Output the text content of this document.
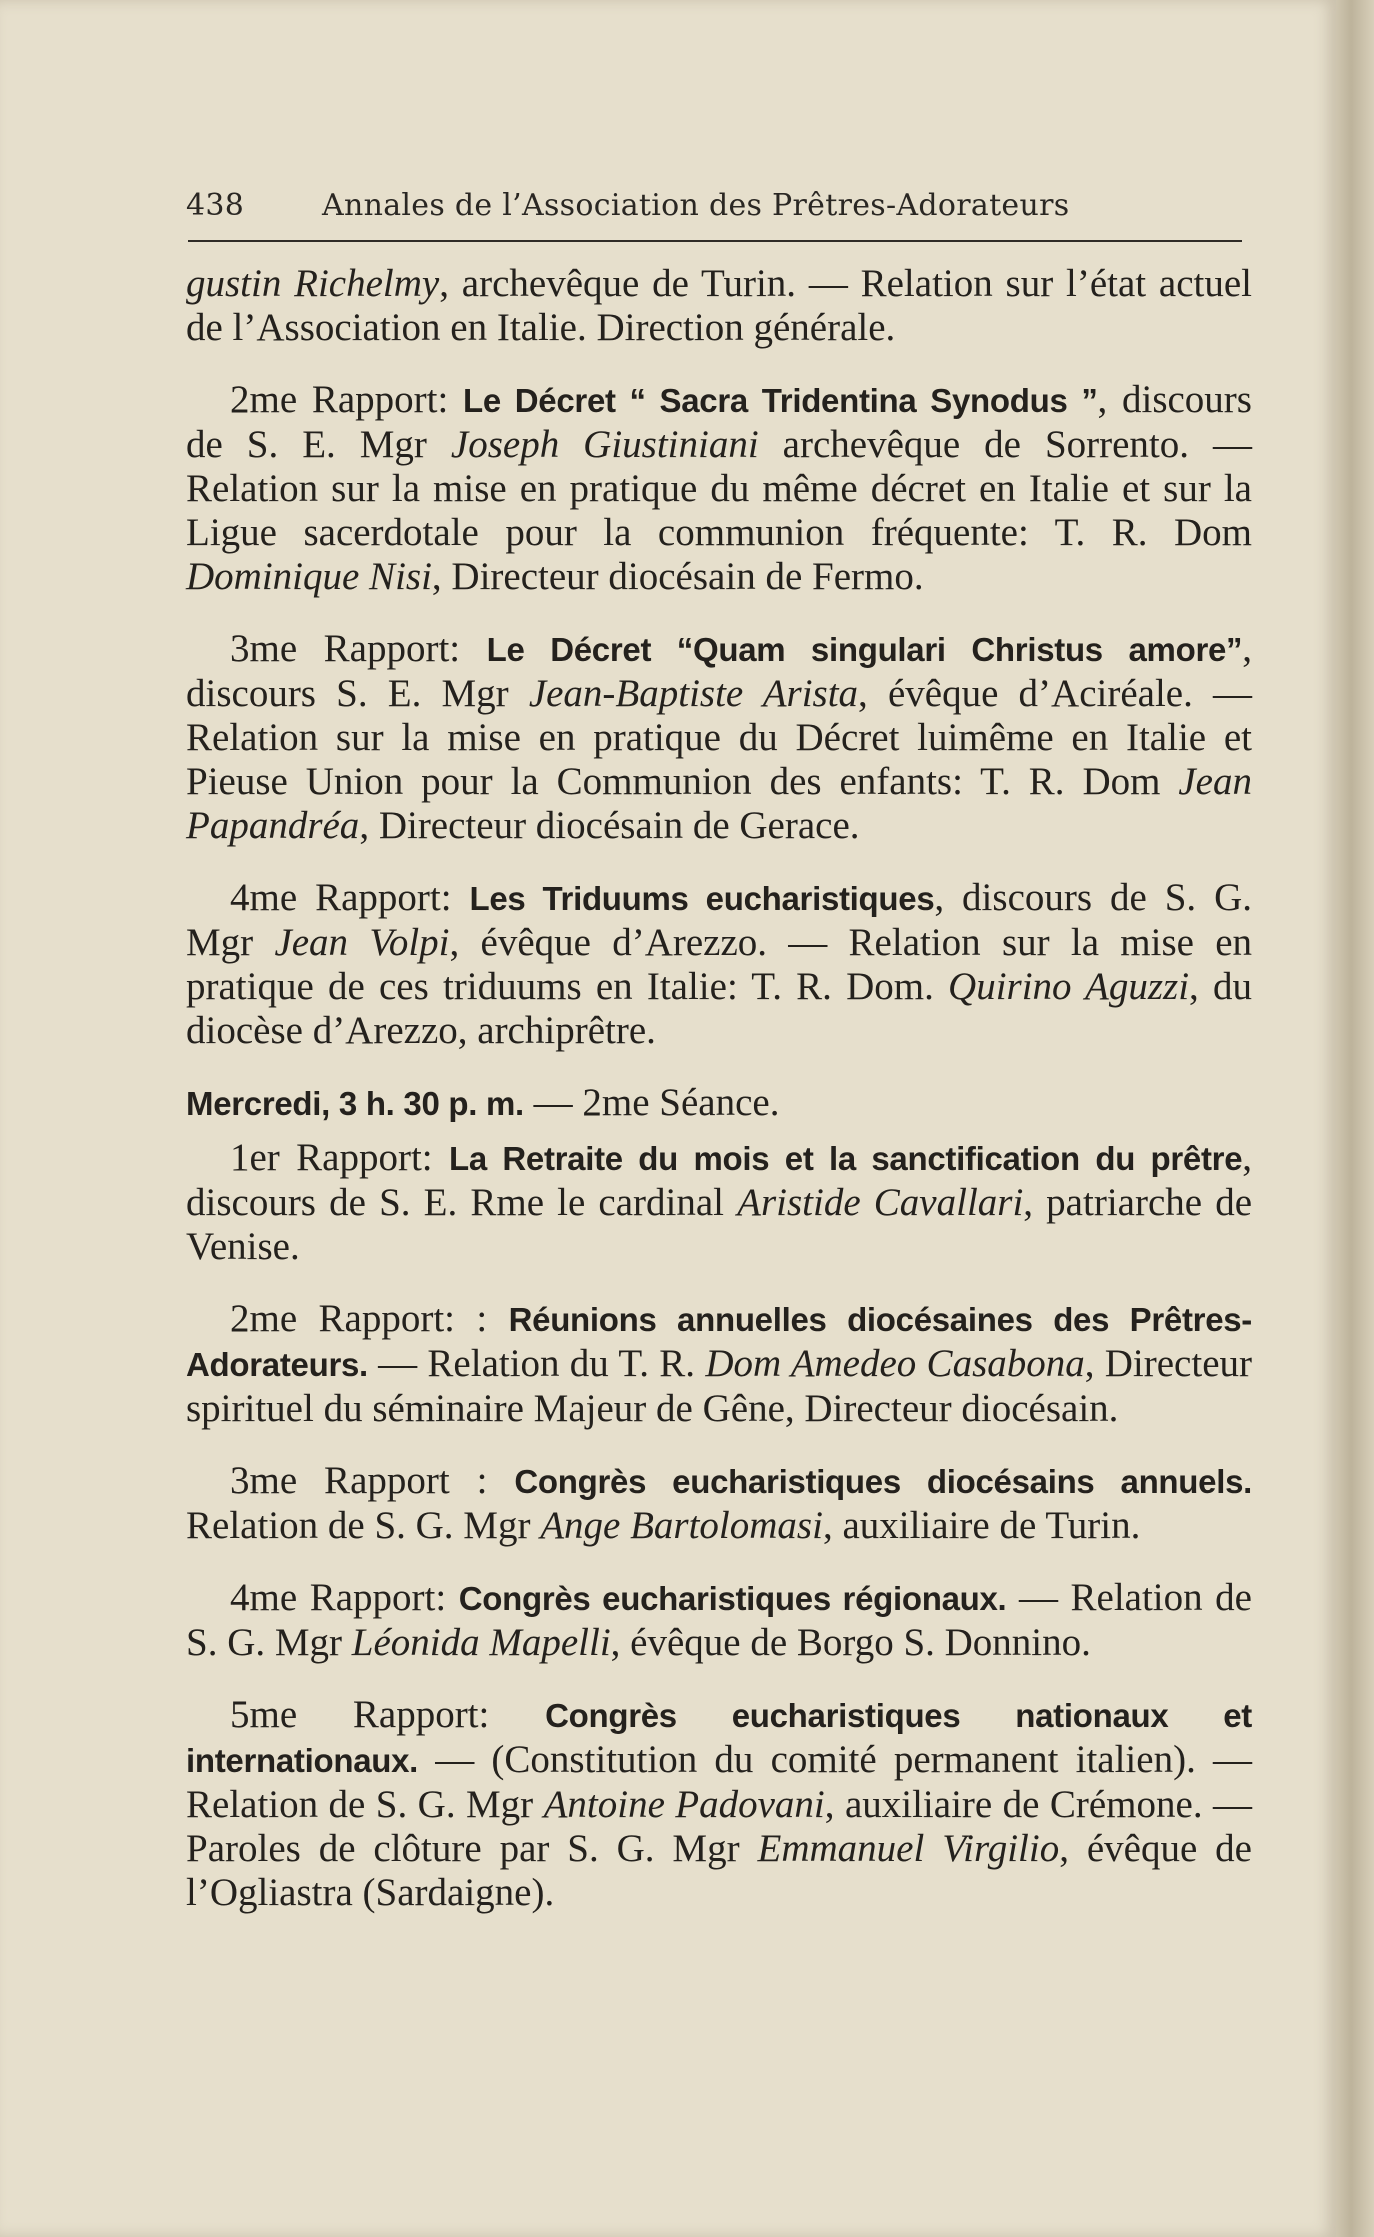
438	Annales de l’Association des Prêtres-Adorateurs

gustin Richelmy, archevêque de Turin. — Relation sur l’état actuel de l’Association en Italie. Direction générale.

2me Rapport: Le Décret “ Sacra Tridentina Synodus ”, discours de S. E. Mgr Joseph Giustiniani archevêque de Sorrento. — Relation sur la mise en pratique du même décret en Italie et sur la Ligue sacerdotale pour la communion fréquente: T. R. Dom Dominique Nisi, Directeur diocésain de Fermo.

3me Rapport: Le Décret “Quam singulari Christus amore”, discours S. E. Mgr Jean-Baptiste Arista, évêque d’Aciréale. — Relation sur la mise en pratique du Décret luimême en Italie et Pieuse Union pour la Communion des enfants: T. R. Dom Jean Papandréa, Directeur diocésain de Gerace.

4me Rapport: Les Triduums eucharistiques, discours de S. G. Mgr Jean Volpi, évêque d’Arezzo. — Relation sur la mise en pratique de ces triduums en Italie: T. R. Dom. Quirino Aguzzi, du diocèse d’Arezzo, archiprêtre.

Mercredi, 3 h. 30 p. m. — 2me Séance.

1er Rapport: La Retraite du mois et la sanctification du prêtre, discours de S. E. Rme le cardinal Aristide Cavallari, patriarche de Venise.

2me Rapport: : Réunions annuelles diocésaines des Prêtres-Adorateurs. — Relation du T. R. Dom Amedeo Casabona, Directeur spirituel du séminaire Majeur de Gêne, Directeur diocésain.

3me Rapport : Congrès eucharistiques diocésains annuels. Relation de S. G. Mgr Ange Bartolomasi, auxiliaire de Turin.

4me Rapport: Congrès eucharistiques régionaux. — Relation de S. G. Mgr Léonida Mapelli, évêque de Borgo S. Donnino.

5me Rapport: Congrès eucharistiques nationaux et internationaux. — (Constitution du comité permanent italien). — Relation de S. G. Mgr Antoine Padovani, auxiliaire de Crémone. — Paroles de clôture par S. G. Mgr Emmanuel Virgilio, évêque de l’Ogliastra (Sardaigne).
